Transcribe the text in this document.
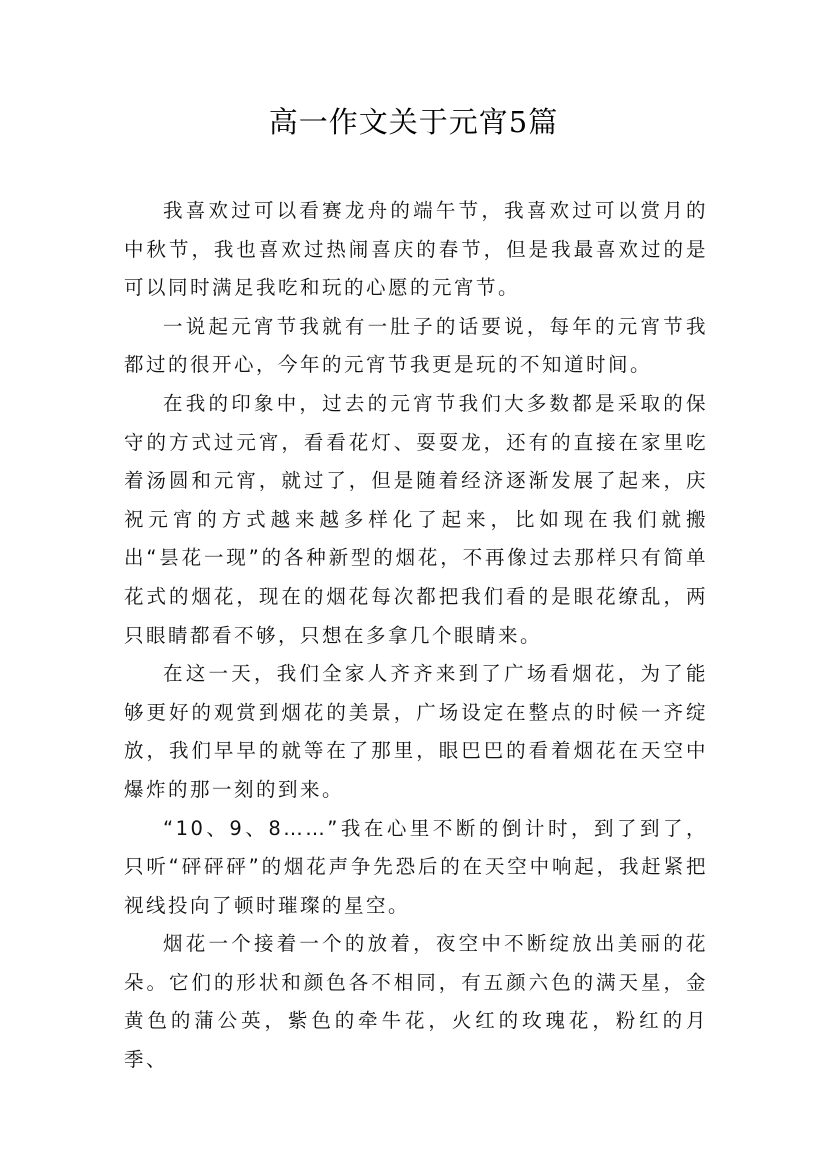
高一作文关于元宵5篇

我喜欢过可以看赛龙舟的端午节，我喜欢过可以赏月的中秋节，我也喜欢过热闹喜庆的春节，但是我最喜欢过的是可以同时满足我吃和玩的心愿的元宵节。

一说起元宵节我就有一肚子的话要说，每年的元宵节我都过的很开心，今年的元宵节我更是玩的不知道时间。

在我的印象中，过去的元宵节我们大多数都是采取的保守的方式过元宵，看看花灯、耍耍龙，还有的直接在家里吃着汤圆和元宵，就过了，但是随着经济逐渐发展了起来，庆祝元宵的方式越来越多样化了起来，比如现在我们就搬出“昙花一现”的各种新型的烟花，不再像过去那样只有简单花式的烟花，现在的烟花每次都把我们看的是眼花缭乱，两只眼睛都看不够，只想在多拿几个眼睛来。

在这一天，我们全家人齐齐来到了广场看烟花，为了能够更好的观赏到烟花的美景，广场设定在整点的时候一齐绽放，我们早早的就等在了那里，眼巴巴的看着烟花在天空中爆炸的那一刻的到来。

“10、9、8……”我在心里不断的倒计时，到了到了，只听“砰砰砰”的烟花声争先恐后的在天空中响起，我赶紧把视线投向了顿时璀璨的星空。

烟花一个接着一个的放着，夜空中不断绽放出美丽的花朵。它们的形状和颜色各不相同，有五颜六色的满天星，金黄色的蒲公英，紫色的牵牛花，火红的玫瑰花，粉红的月季、
